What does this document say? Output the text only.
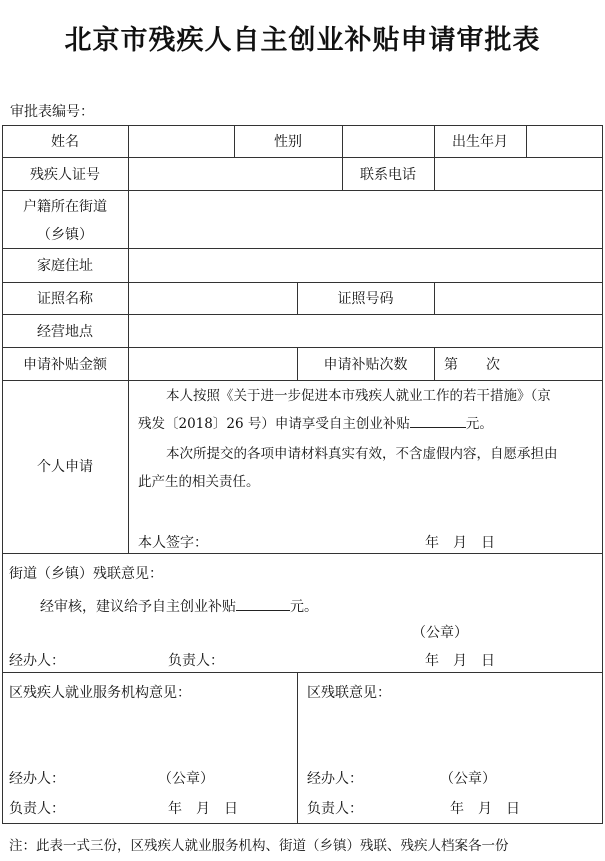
北京市残疾人自主创业补贴申请审批表
审批表编号：
姓名	性别	出生年月
残疾人证号	联系电话
户籍所在街道
（乡镇）
家庭住址
证照名称	证照号码
经营地点
申请补贴金额	申请补贴次数	第　　次
个人申请
本人按照《关于进一步促进本市残疾人就业工作的若干措施》（京
残发〔2018〕26 号）申请享受自主创业补贴	元。
本次所提交的各项申请材料真实有效，不含虚假内容，自愿承担由
此产生的相关责任。
本人签字：	年　月　日
街道（乡镇）残联意见：
经审核，建议给予自主创业补贴	元。
（公章）
经办人：	负责人：	年　月　日
区残疾人就业服务机构意见：
经办人：	（公章）
负责人：	年　月　日
区残联意见：
经办人：	（公章）
负责人：	年　月　日
注：此表一式三份，区残疾人就业服务机构、街道（乡镇）残联、残疾人档案各一份
